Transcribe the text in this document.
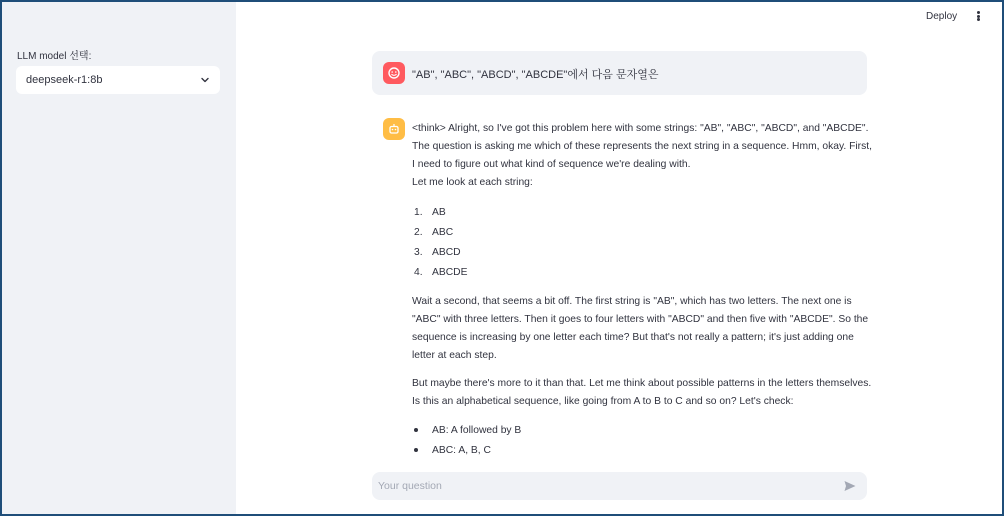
LLM model 선택:
deepseek-r1:8b
Deploy
"AB", "ABC", "ABCD", "ABCDE"에서 다음 문자열은

<think> Alright, so I've got this problem here with some strings: "AB", "ABC", "ABCD", and "ABCDE". The question is asking me which of these represents the next string in a sequence. Hmm, okay. First, I need to figure out what kind of sequence we're dealing with.

Let me look at each string:

1. AB
2. ABC
3. ABCD
4. ABCDE

Wait a second, that seems a bit off. The first string is "AB", which has two letters. The next one is "ABC" with three letters. Then it goes to four letters with "ABCD" and then five with "ABCDE". So the sequence is increasing by one letter each time? But that's not really a pattern; it's just adding one letter at each step.

But maybe there's more to it than that. Let me think about possible patterns in the letters themselves. Is this an alphabetical sequence, like going from A to B to C and so on? Let's check:

AB: A followed by B
ABC: A, B, C
Your question
